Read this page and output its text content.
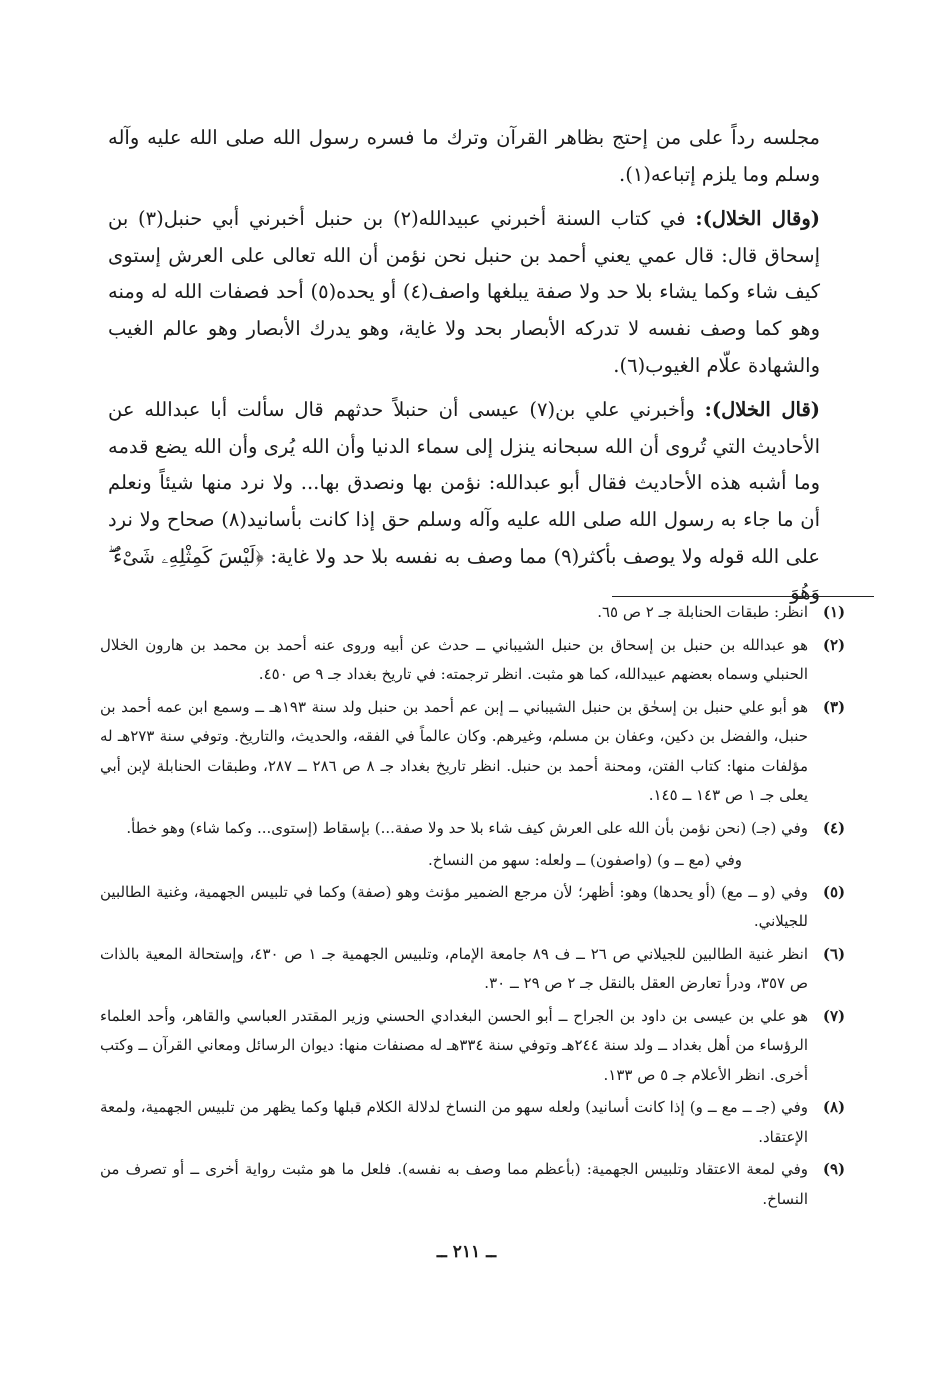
مجلسه رداً على من إحتج بظاهر القرآن وترك ما فسره رسول الله صلى الله عليه وآله وسلم وما يلزم إتباعه(١).

(وقال الخلال): في كتاب السنة أخبرني عبيدالله(٢) بن حنبل أخبرني أبي حنبل(٣) بن إسحاق قال: قال عمي يعني أحمد بن حنبل نحن نؤمن أن الله تعالى على العرش إستوى كيف شاء وكما يشاء بلا حد ولا صفة يبلغها واصف(٤) أو يحده(٥) أحد فصفات الله له ومنه وهو كما وصف نفسه لا تدركه الأبصار بحد ولا غاية، وهو يدرك الأبصار وهو عالم الغيب والشهادة علّام الغيوب(٦).

(قال الخلال): وأخبرني علي بن(٧) عيسى أن حنبلاً حدثهم قال سألت أبا عبدالله عن الأحاديث التي تُروى أن الله سبحانه ينزل إلى سماء الدنيا وأن الله يُرى وأن الله يضع قدمه وما أشبه هذه الأحاديث فقال أبو عبدالله: نؤمن بها ونصدق بها... ولا نرد منها شيئاً ونعلم أن ما جاء به رسول الله صلى الله عليه وآله وسلم حق إذا كانت بأسانيد(٨) صحاح ولا نرد على الله قوله ولا يوصف بأكثر(٩) مما وصف به نفسه بلا حد ولا غاية: ﴿لَيْسَ كَمِثْلِهِۦ شَىْءٌ ۖ وَهُوَ

(١)
انظر: طبقات الحنابلة جـ ٢ ص ٦٥.
(٢)
هو عبدالله بن حنبل بن إسحاق بن حنبل الشيباني ــ حدث عن أبيه وروى عنه أحمد بن محمد بن هارون الخلال الحنبلي وسماه بعضهم عبيدالله، كما هو مثبت. انظر ترجمته: في تاريخ بغداد جـ ٩ ص ٤٥٠.
(٣)
هو أبو علي حنبل بن إسحٰق بن حنبل الشيباني ــ إبن عم أحمد بن حنبل ولد سنة ١٩٣هـ ــ وسمع ابن عمه أحمد بن حنبل، والفضل بن دكين، وعفان بن مسلم، وغيرهم. وكان عالماً في الفقه، والحديث، والتاريخ. وتوفي سنة ٢٧٣هـ له مؤلفات منها: كتاب الفتن، ومحنة أحمد بن حنبل. انظر تاريخ بغداد جـ ٨ ص ٢٨٦ ــ ٢٨٧، وطبقات الحنابلة لإبن أبي يعلى جـ ١ ص ١٤٣ ــ ١٤٥.
(٤)
وفي (جـ) (نحن نؤمن بأن الله على العرش كيف شاء بلا حد ولا صفة...) بإسقاط (إستوى... وكما شاء) وهو خطأ.
وفي (مع ــ و) (واصفون) ــ ولعله: سهو من النساخ.
(٥)
وفي (و ــ مع) (أو يحدها) وهو: أظهر؛ لأن مرجع الضمير مؤنث وهو (صفة) وكما في تلبيس الجهمية، وغنية الطالبين للجيلاني.
(٦)
انظر غنية الطالبين للجيلاني ص ٢٦ ــ ف ٨٩ جامعة الإمام، وتلبيس الجهمية جـ ١ ص ٤٣٠، وإستحالة المعية بالذات ص ٣٥٧، ودرأ تعارض العقل بالنقل جـ ٢ ص ٢٩ ــ ٣٠.
(٧)
هو علي بن عيسى بن داود بن الجراح ــ أبو الحسن البغدادي الحسني وزير المقتدر العباسي والقاهر، وأحد العلماء الرؤساء من أهل بغداد ــ ولد سنة ٢٤٤هـ وتوفي سنة ٣٣٤هـ له مصنفات منها: ديوان الرسائل ومعاني القرآن ــ وكتب أخرى. انظر الأعلام جـ ٥ ص ١٣٣.
(٨)
وفي (جـ ــ مع ــ و) إذا كانت أسانيد) ولعله سهو من النساخ لدلالة الكلام قبلها وكما يظهر من تلبيس الجهمية، ولمعة الإعتقاد.
(٩)
وفي لمعة الاعتقاد وتلبيس الجهمية: (بأعظم مما وصف به نفسه). فلعل ما هو مثبت رواية أخرى ــ أو تصرف من النساخ.
ــ ٢١١ ــ
